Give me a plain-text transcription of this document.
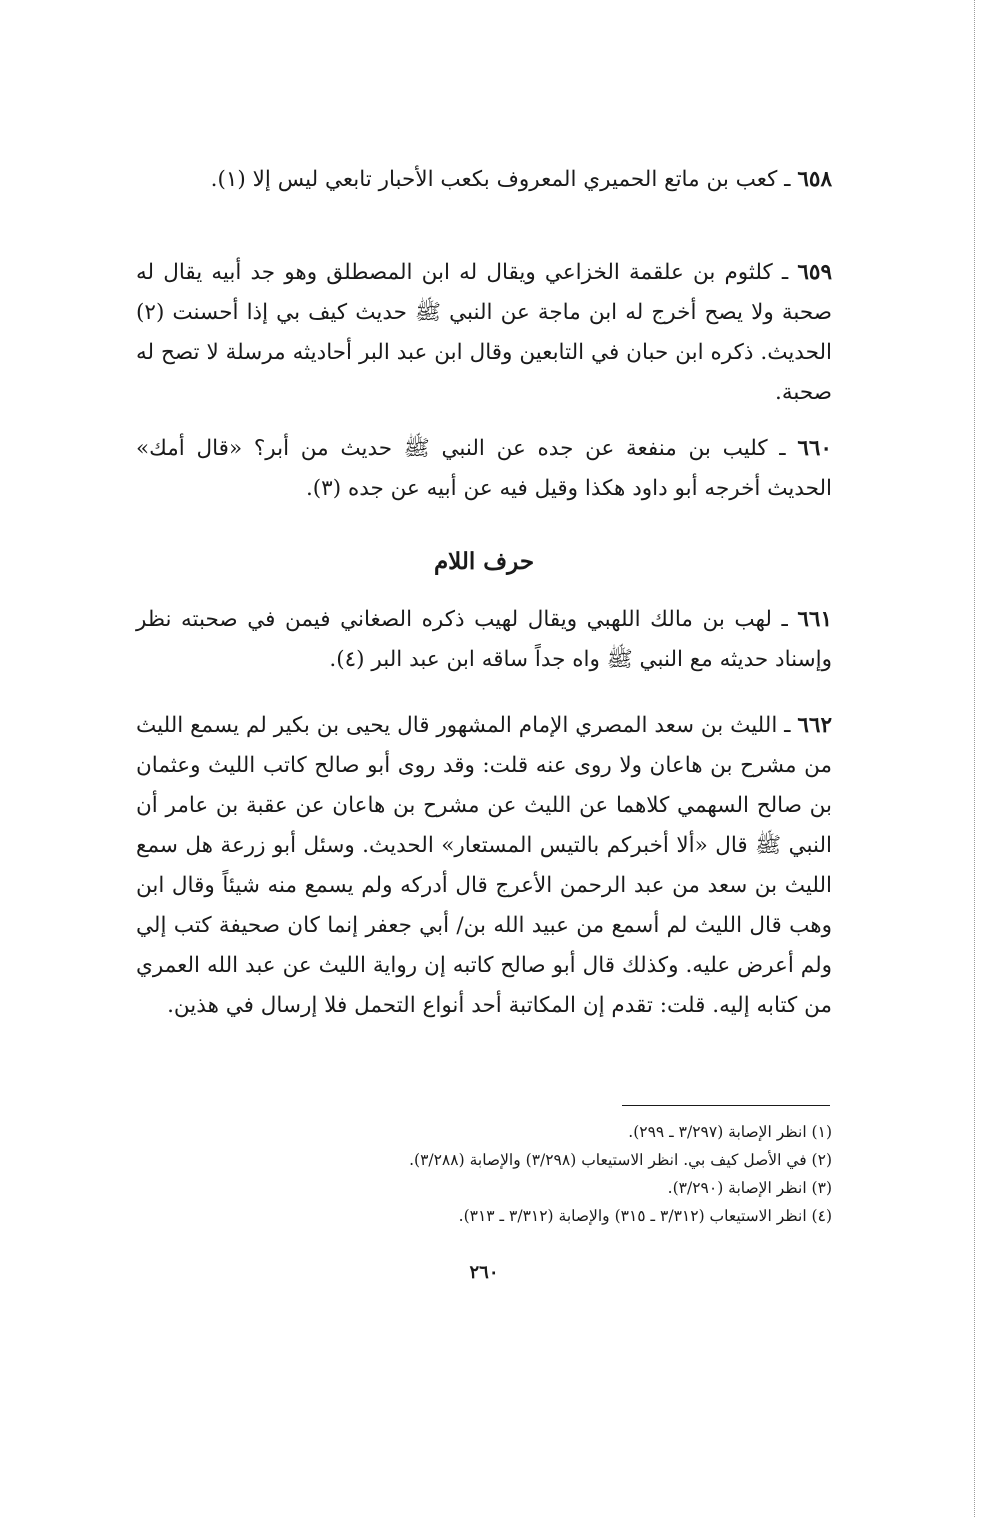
٦٥٨ ـ كعب بن ماتع الحميري المعروف بكعب الأحبار تابعي ليس إلا (١).
٦٥٩ ـ كلثوم بن علقمة الخزاعي ويقال له ابن المصطلق وهو جد أبيه يقال له صحبة ولا يصح أخرج له ابن ماجة عن النبي ﷺ حديث كيف بي إذا أحسنت (٢) الحديث. ذكره ابن حبان في التابعين وقال ابن عبد البر أحاديثه مرسلة لا تصح له صحبة.
٦٦٠ ـ كليب بن منفعة عن جده عن النبي ﷺ حديث من أبر؟ «قال أمك» الحديث أخرجه أبو داود هكذا وقيل فيه عن أبيه عن جده (٣).
حرف اللام
٦٦١ ـ لهب بن مالك اللهبي ويقال لهيب ذكره الصغاني فيمن في صحبته نظر وإسناد حديثه مع النبي ﷺ واه جداً ساقه ابن عبد البر (٤).
٦٦٢ ـ الليث بن سعد المصري الإمام المشهور قال يحيى بن بكير لم يسمع الليث من مشرح بن هاعان ولا روى عنه قلت: وقد روى أبو صالح كاتب الليث وعثمان بن صالح السهمي كلاهما عن الليث عن مشرح بن هاعان عن عقبة بن عامر أن النبي ﷺ قال «ألا أخبركم بالتيس المستعار» الحديث. وسئل أبو زرعة هل سمع الليث بن سعد من عبد الرحمن الأعرج قال أدركه ولم يسمع منه شيئاً وقال ابن وهب قال الليث لم أسمع من عبيد الله بن/ أبي جعفر إنما كان صحيفة كتب إلي ولم أعرض عليه. وكذلك قال أبو صالح كاتبه إن رواية الليث عن عبد الله العمري من كتابه إليه. قلت: تقدم إن المكاتبة أحد أنواع التحمل فلا إرسال في هذين.
(١) انظر الإصابة (٣/٢٩٧ ـ ٢٩٩).
(٢) في الأصل كيف بي. انظر الاستيعاب (٣/٢٩٨) والإصابة (٣/٢٨٨).
(٣) انظر الإصابة (٣/٢٩٠).
(٤) انظر الاستيعاب (٣/٣١٢ ـ ٣١٥) والإصابة (٣/٣١٢ ـ ٣١٣).
٢٦٠
